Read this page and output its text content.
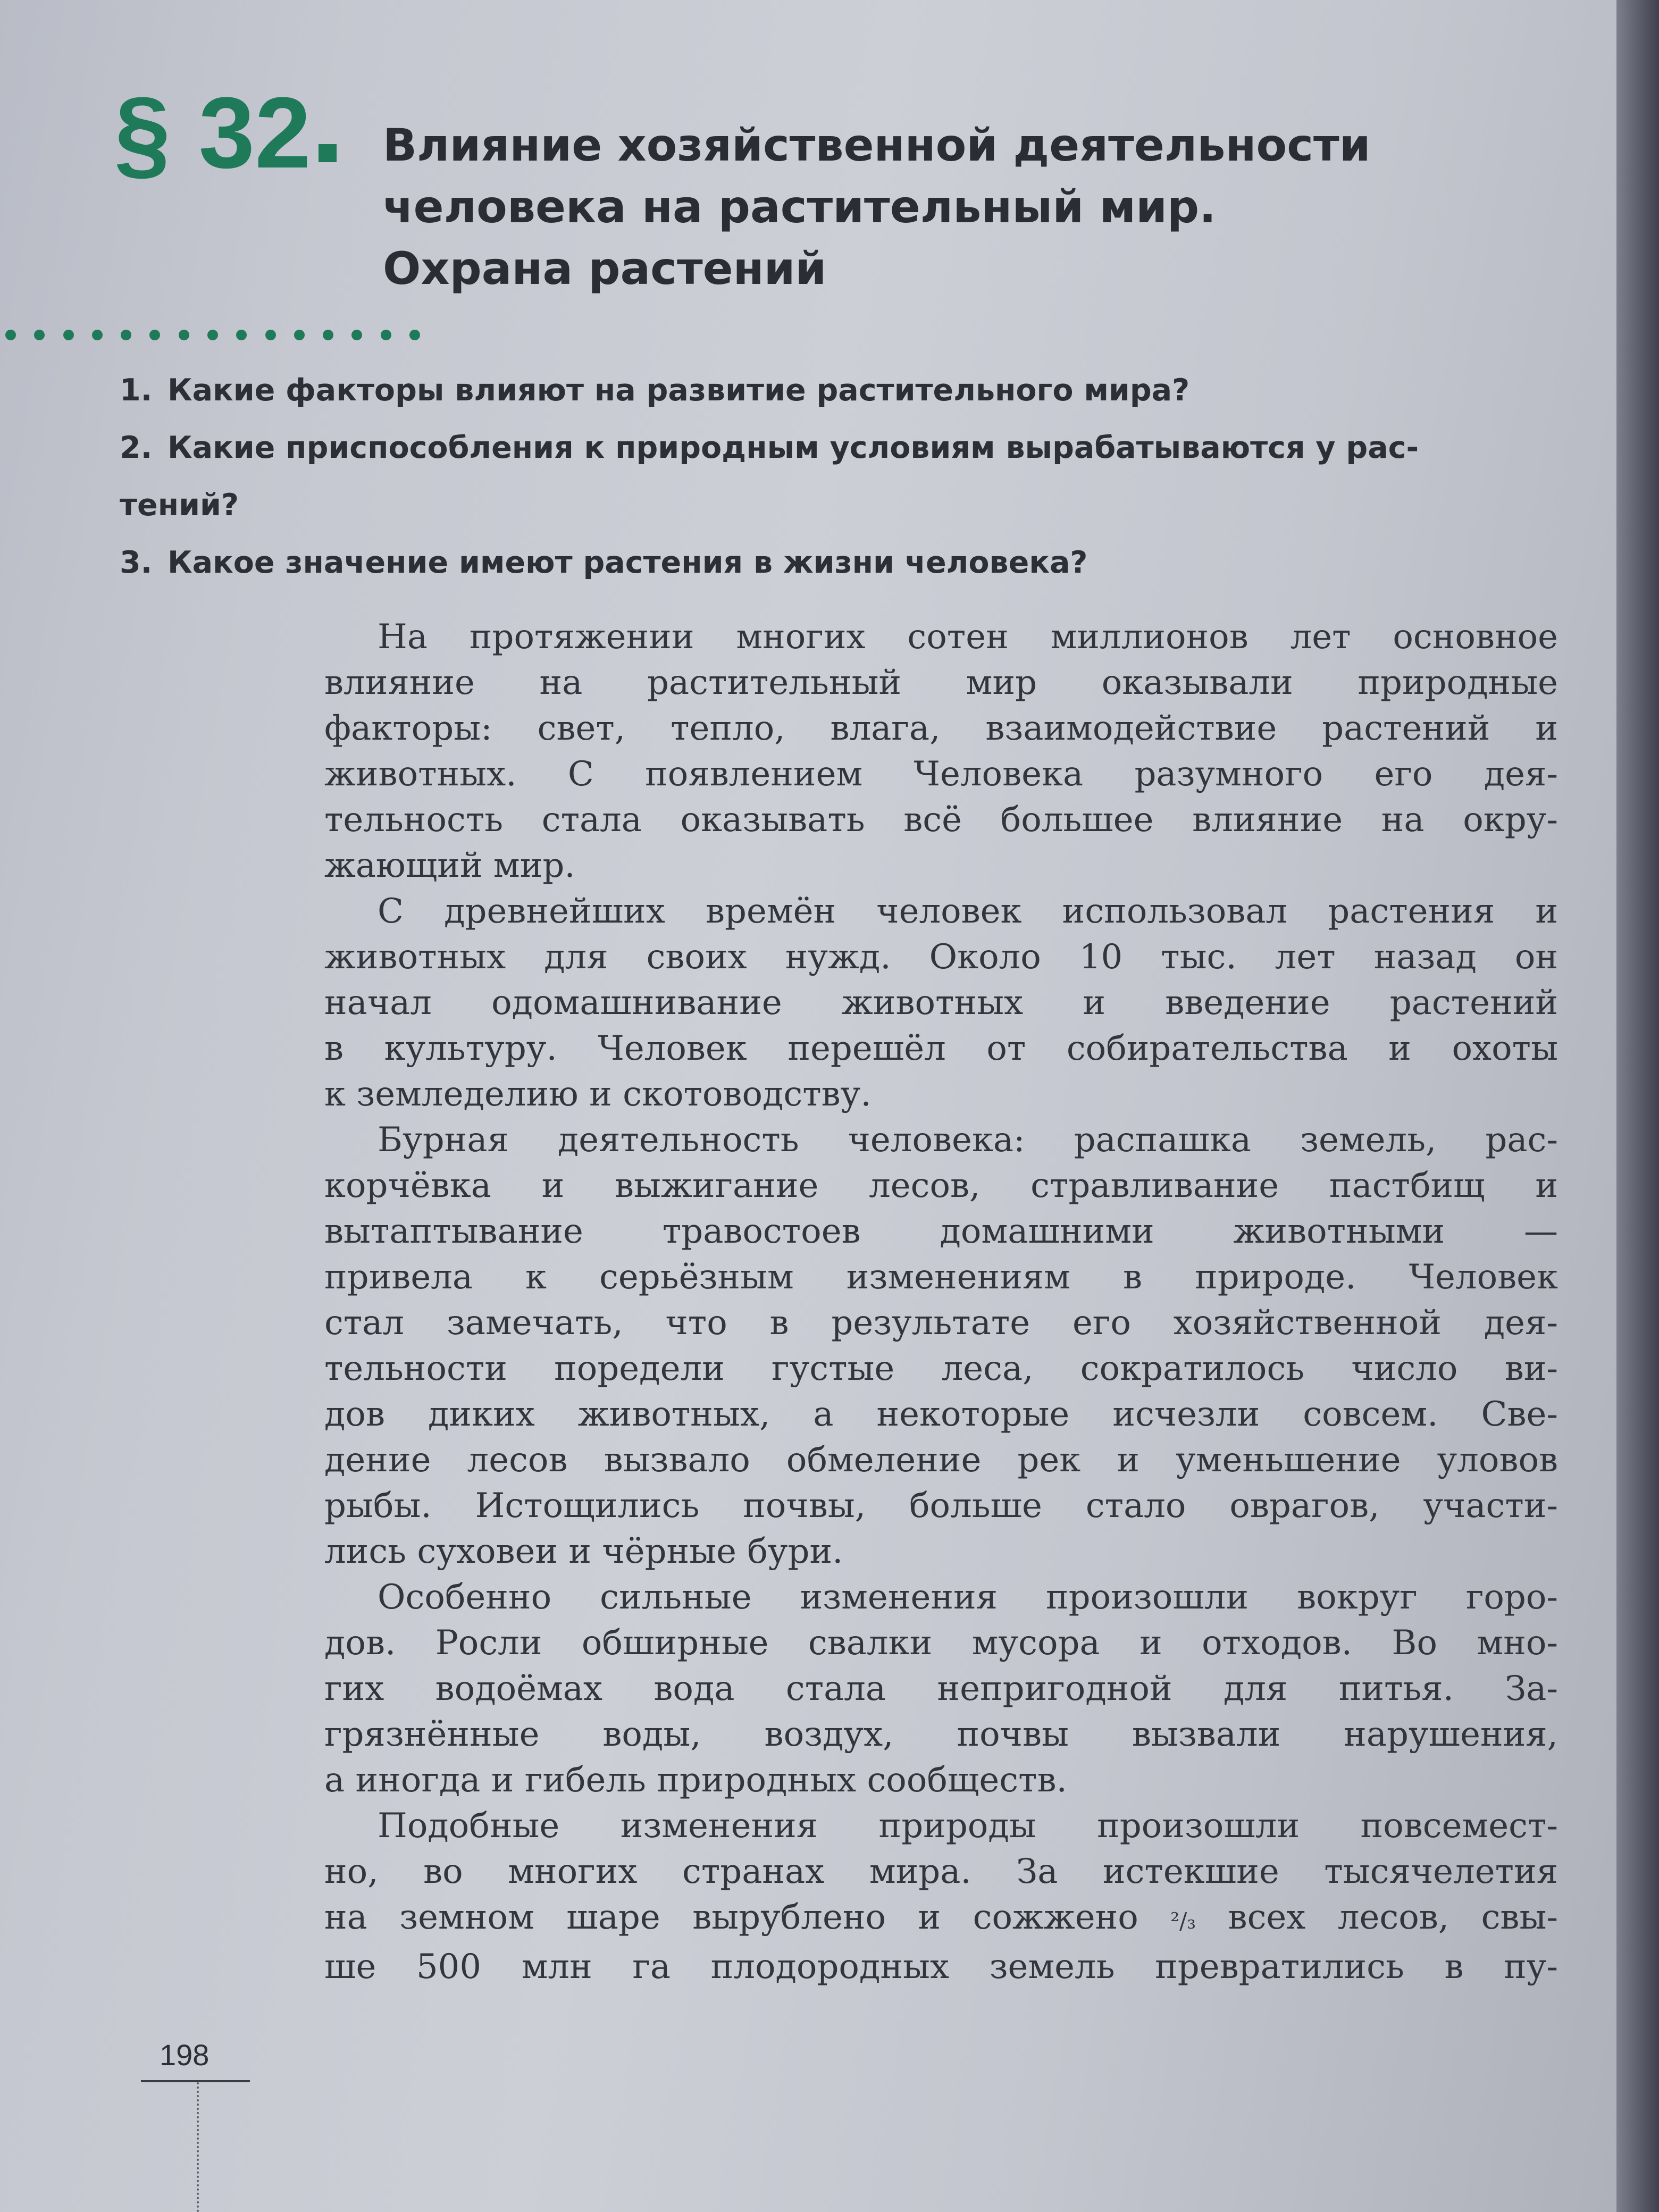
§ 32	Влияние хозяйственной деятельности
человека на растительный мир.
Охрана растений
1. Какие факторы влияют на развитие растительного мира?
2. Какие приспособления к природным условиям вырабатываются у рас-
тений?
3. Какое значение имеют растения в жизни человека?
На протяжении многих сотен миллионов лет основное
влияние на растительный мир оказывали природные
факторы: свет, тепло, влага, взаимодействие растений и
животных. С появлением Человека разумного его дея-
тельность стала оказывать всё большее влияние на окру-
жающий мир.
С древнейших времён человек использовал растения и
животных для своих нужд. Около 10 тыс. лет назад он
начал одомашнивание животных и введение растений
в культуру. Человек перешёл от собирательства и охоты
к земледелию и скотоводству.
Бурная деятельность человека: распашка земель, рас-
корчёвка и выжигание лесов, стравливание пастбищ и
вытаптывание травостоев домашними животными —
привела к серьёзным изменениям в природе. Человек
стал замечать, что в результате его хозяйственной дея-
тельности поредели густые леса, сократилось число ви-
дов диких животных, а некоторые исчезли совсем. Све-
дение лесов вызвало обмеление рек и уменьшение уловов
рыбы. Истощились почвы, больше стало оврагов, участи-
лись суховеи и чёрные бури.
Особенно сильные изменения произошли вокруг горо-
дов. Росли обширные свалки мусора и отходов. Во мно-
гих водоёмах вода стала непригодной для питья. За-
грязнённые воды, воздух, почвы вызвали нарушения,
а иногда и гибель природных сообществ.
Подобные изменения природы произошли повсемест-
но, во многих странах мира. За истекшие тысячелетия
на земном шаре вырублено и сожжено ²/₃ всех лесов, свы-
ше 500 млн га плодородных земель превратились в пу-
198
